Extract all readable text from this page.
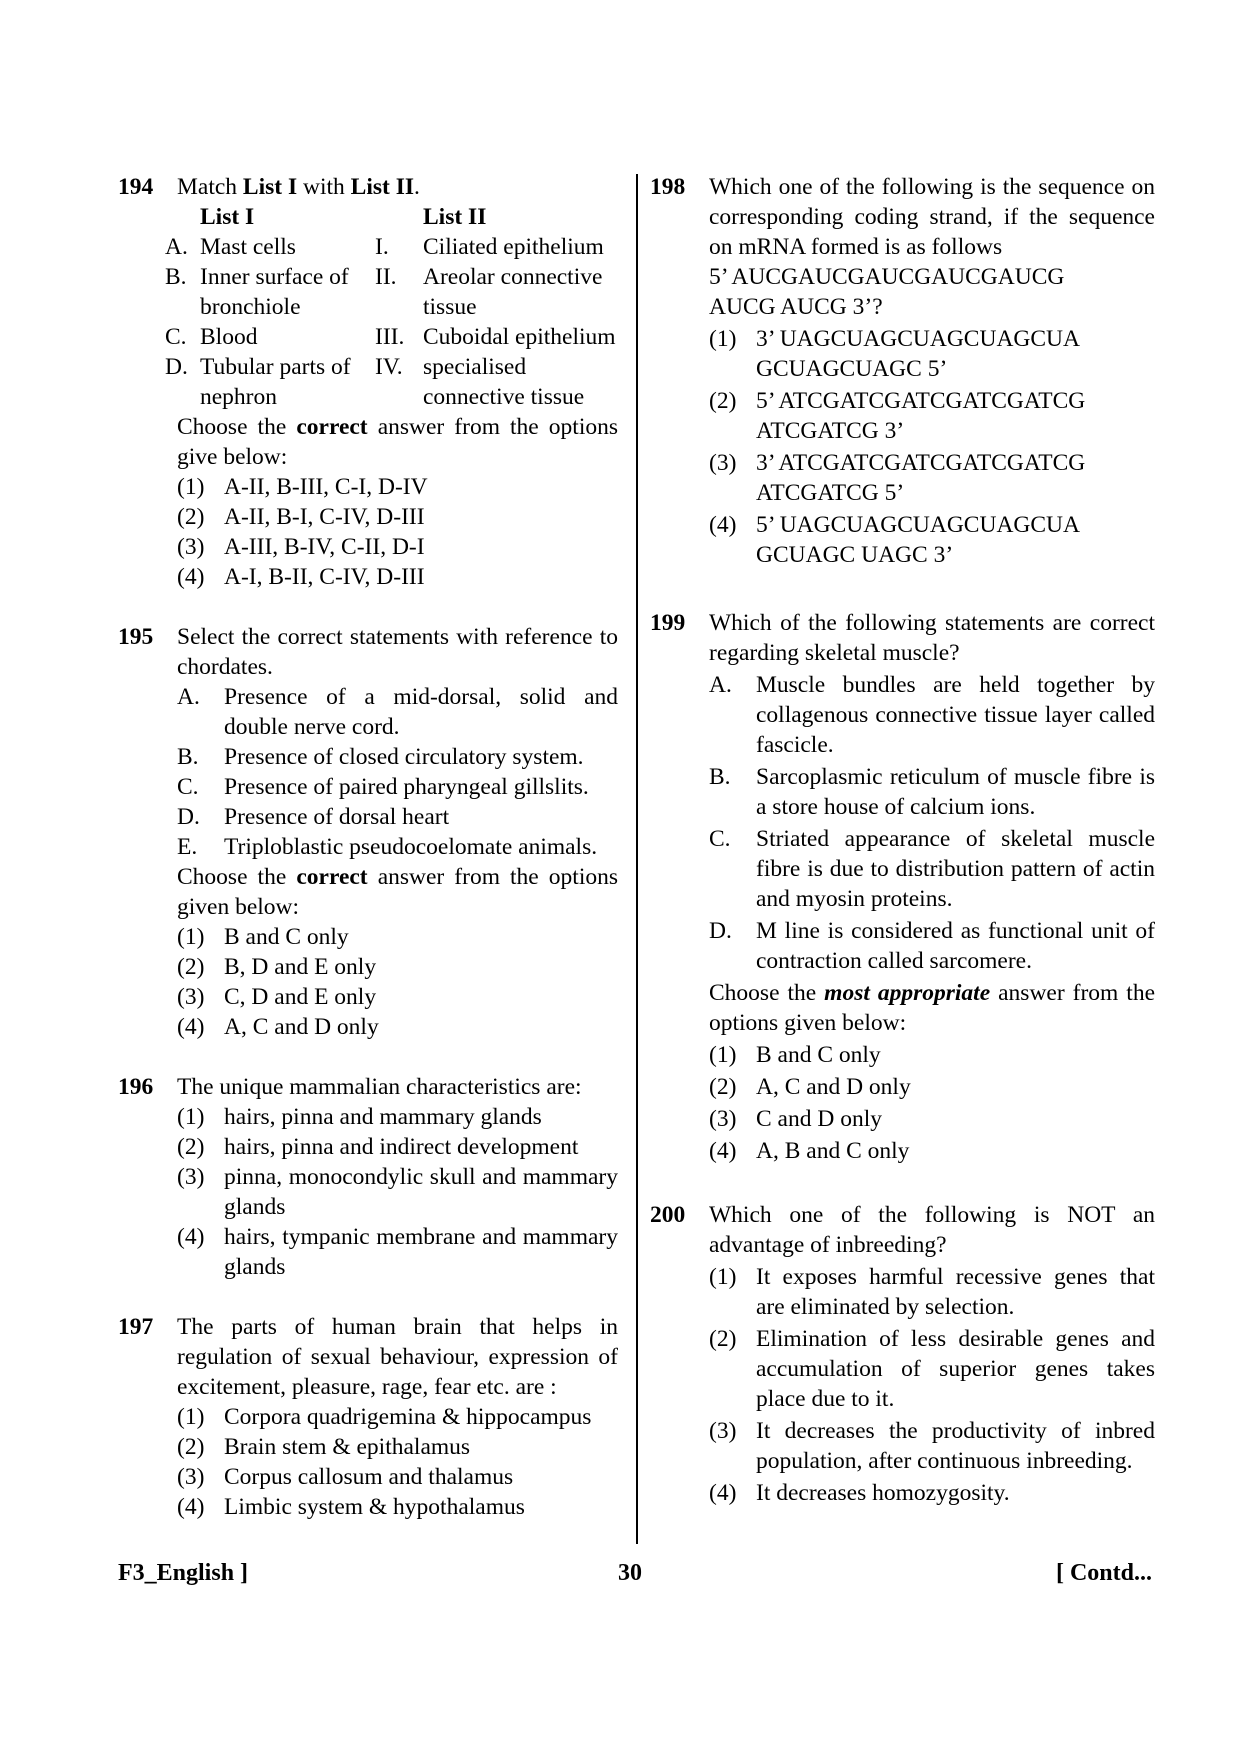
194 Match List I with List II.
	List I		List II
A.	Mast cells	I.	Ciliated epithelium
B.	Inner surface of bronchiole	II.	Areolar connective tissue
C.	Blood	III.	Cuboidal epithelium
D.	Tubular parts of nephron	IV.	specialised connective tissue
Choose the correct answer from the options give below:
(1) A-II, B-III, C-I, D-IV
(2) A-II, B-I, C-IV, D-III
(3) A-III, B-IV, C-II, D-I
(4) A-I, B-II, C-IV, D-III
195 Select the correct statements with reference to chordates.
A. Presence of a mid-dorsal, solid and double nerve cord.
B. Presence of closed circulatory system.
C. Presence of paired pharyngeal gillslits.
D. Presence of dorsal heart
E. Triploblastic pseudocoelomate animals.
Choose the correct answer from the options given below:
(1) B and C only
(2) B, D and E only
(3) C, D and E only
(4) A, C and D only
196 The unique mammalian characteristics are:
(1) hairs, pinna and mammary glands
(2) hairs, pinna and indirect development
(3) pinna, monocondylic skull and mammary glands
(4) hairs, tympanic membrane and mammary glands
197 The parts of human brain that helps in regulation of sexual behaviour, expression of excitement, pleasure, rage, fear etc. are :
(1) Corpora quadrigemina & hippocampus
(2) Brain stem & epithalamus
(3) Corpus callosum and thalamus
(4) Limbic system & hypothalamus
198 Which one of the following is the sequence on corresponding coding strand, if the sequence on mRNA formed is as follows
5’ AUCGAUCGAUCGAUCGAUCG
AUCG AUCG 3’?
(1) 3’ UAGCUAGCUAGCUAGCUA
GCUAGCUAGC 5’
(2) 5’ ATCGATCGATCGATCGATCG
ATCGATCG 3’
(3) 3’ ATCGATCGATCGATCGATCG
ATCGATCG 5’
(4) 5’ UAGCUAGCUAGCUAGCUA
GCUAGC UAGC 3’
199 Which of the following statements are correct regarding skeletal muscle?
A. Muscle bundles are held together by collagenous connective tissue layer called fascicle.
B. Sarcoplasmic reticulum of muscle fibre is a store house of calcium ions.
C. Striated appearance of skeletal muscle fibre is due to distribution pattern of actin and myosin proteins.
D. M line is considered as functional unit of contraction called sarcomere.
Choose the most appropriate answer from the options given below:
(1) B and C only
(2) A, C and D only
(3) C and D only
(4) A, B and C only
200 Which one of the following is NOT an advantage of inbreeding?
(1) It exposes harmful recessive genes that are eliminated by selection.
(2) Elimination of less desirable genes and accumulation of superior genes takes place due to it.
(3) It decreases the productivity of inbred population, after continuous inbreeding.
(4) It decreases homozygosity.
F3_English ]	30	[ Contd...
